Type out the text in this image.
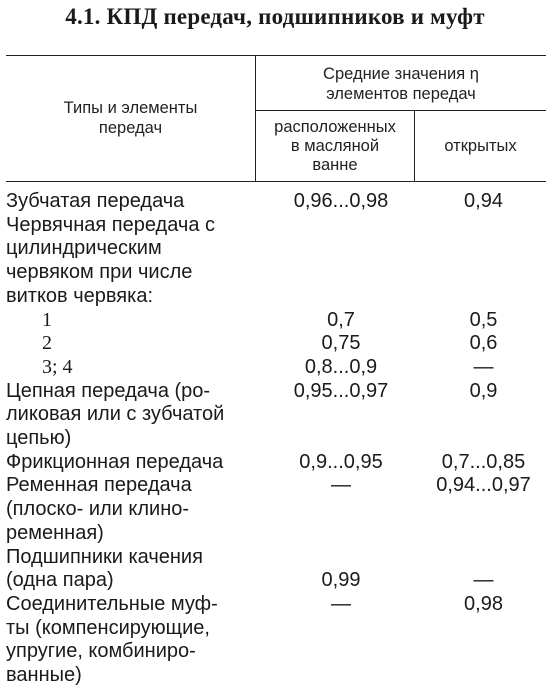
4.1. КПД передач, подшипников и муфт
Типы и элементы
передач
Средние значения η
элементов передач
расположенных
в масляной
ванне
открытых
Зубчатая передача	0,96...0,98	0,94

Червячная передача с
цилиндрическим
червяком при числе
витков червяка:		

1	0,7	0,5

2	0,75	0,6

3; 4	0,8...0,9	—

Цепная передача (ро-
ликовая или с зубчатой
цепью)	0,95...0,97	0,9

Фрикционная передача	0,9...0,95	0,7...0,85

Ременная передача
(плоско- или клино-
ременная)	—	0,94...0,97

Подшипники качения
(одна пара)	0,99	—

Соединительные муф-
ты (компенсирующие,
упругие, комбиниро-
ванные)	—	0,98
